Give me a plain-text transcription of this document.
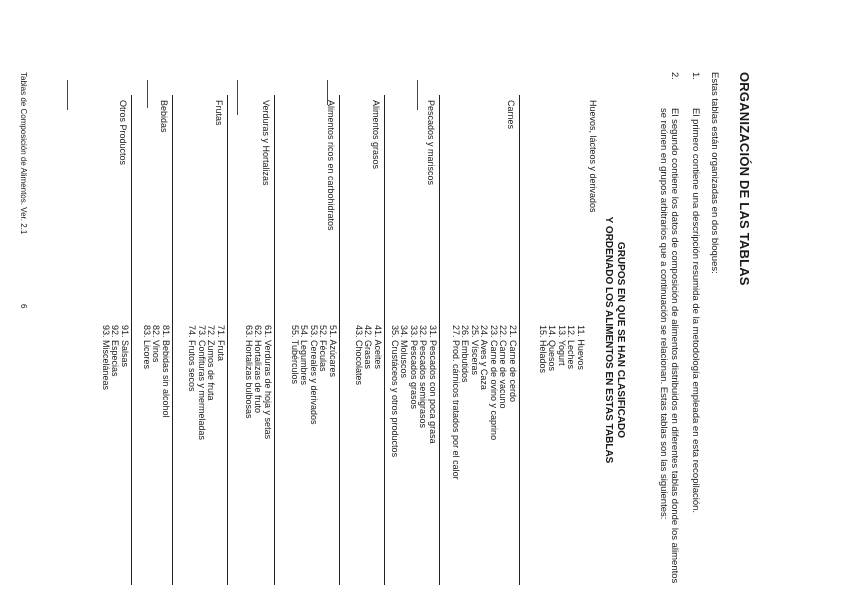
ORGANIZACIÓN DE LAS TABLAS
Estas tablas están organizadas en dos bloques:
1.
El primero contiene una descripción resumida de la metodología empleada en esta recopilación.
2.
El segundo contiene los datos de composición de alimentos distribuidos en diferentes tablas donde los alimentos se reúnen en grupos arbitrarios que a continuación se relacionan. Estas tablas son las siguientes:
GRUPOS EN QUE SE HAN CLASIFICADO
Y ORDENADO LOS ALIMENTOS EN ESTAS TABLAS
Huevos, lácteos y derivados
11. Huevos
12. Leches
13. Yogurt
14. Quesos
15. Helados
Carnes
21. Carne de cerdo
22. Carne de vacuno
23. Carne de ovino y caprino
24. Aves y Caza
25. Vísceras
26. Embutidos
27. Prod. cárnicos tratados por el calor
Pescados y mariscos
31. Pescados con poca grasa
32. Pescados semigrasos
33. Pescados grasos
34. Moluscos
35. Crustáceos y otros productos
Alimentos grasos
41. Aceites
42. Grasas
43. Chocolates
Alimentos ricos en carbohidratos
51. Azúcares
52. Féculas
53. Cereales y derivados
54. Legumbres
55. Tubérculos
Verduras y Hortalizas
61. Verduras de hoja y setas
62. Hortalizas de fruto
63. Hortalizas bulbosas
Frutas
71. Fruta
72. Zumos de fruta
73. Confituras y mermeladas
74. Frutos secos
Bebidas
81. Bebidas sin alcohol
82. Vinos
83. Licores
Otros Productos
91. Salsas
92. Especias
93. Misceláneas
Tablas de Composición de Alimentos. Ver. 2.1
6
